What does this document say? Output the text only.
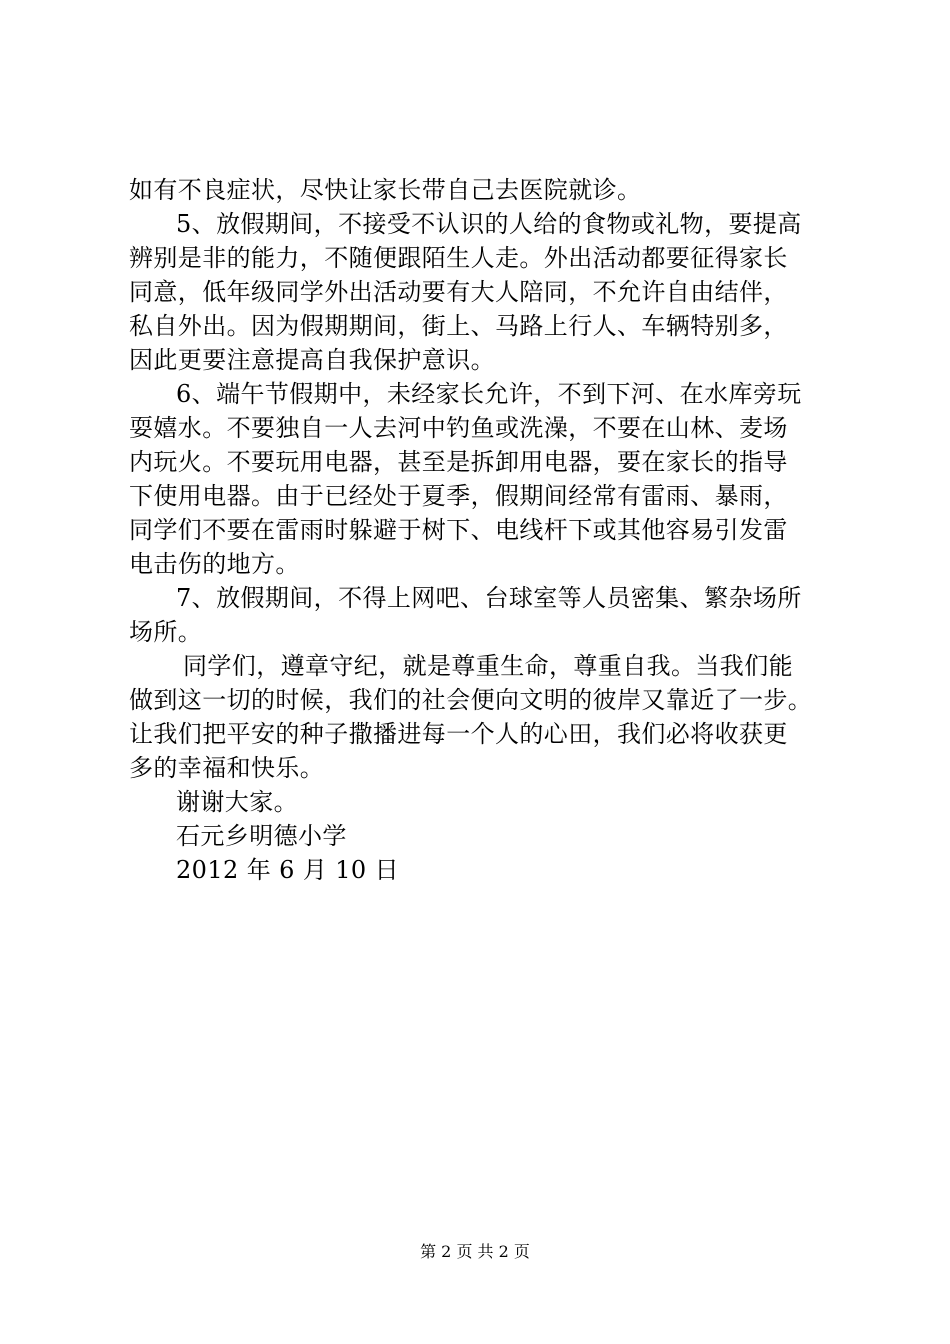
如有不良症状，尽快让家长带自己去医院就诊。
5、放假期间，不接受不认识的人给的食物或礼物，要提高
辨别是非的能力，不随便跟陌生人走。外出活动都要征得家长
同意，低年级同学外出活动要有大人陪同，不允许自由结伴，
私自外出。因为假期期间，街上、马路上行人、车辆特别多，
因此更要注意提高自我保护意识。
6、端午节假期中，未经家长允许，不到下河、在水库旁玩
耍嬉水。不要独自一人去河中钓鱼或洗澡，不要在山林、麦场
内玩火。不要玩用电器，甚至是拆卸用电器，要在家长的指导
下使用电器。由于已经处于夏季，假期间经常有雷雨、暴雨，
同学们不要在雷雨时躲避于树下、电线杆下或其他容易引发雷
电击伤的地方。
7、放假期间，不得上网吧、台球室等人员密集、繁杂场所
场所。
同学们，遵章守纪，就是尊重生命，尊重自我。当我们能
做到这一切的时候，我们的社会便向文明的彼岸又靠近了一步。
让我们把平安的种子撒播进每一个人的心田，我们必将收获更
多的幸福和快乐。
谢谢大家。
石元乡明德小学
2012 年 6 月 10 日
第 2 页 共 2 页
